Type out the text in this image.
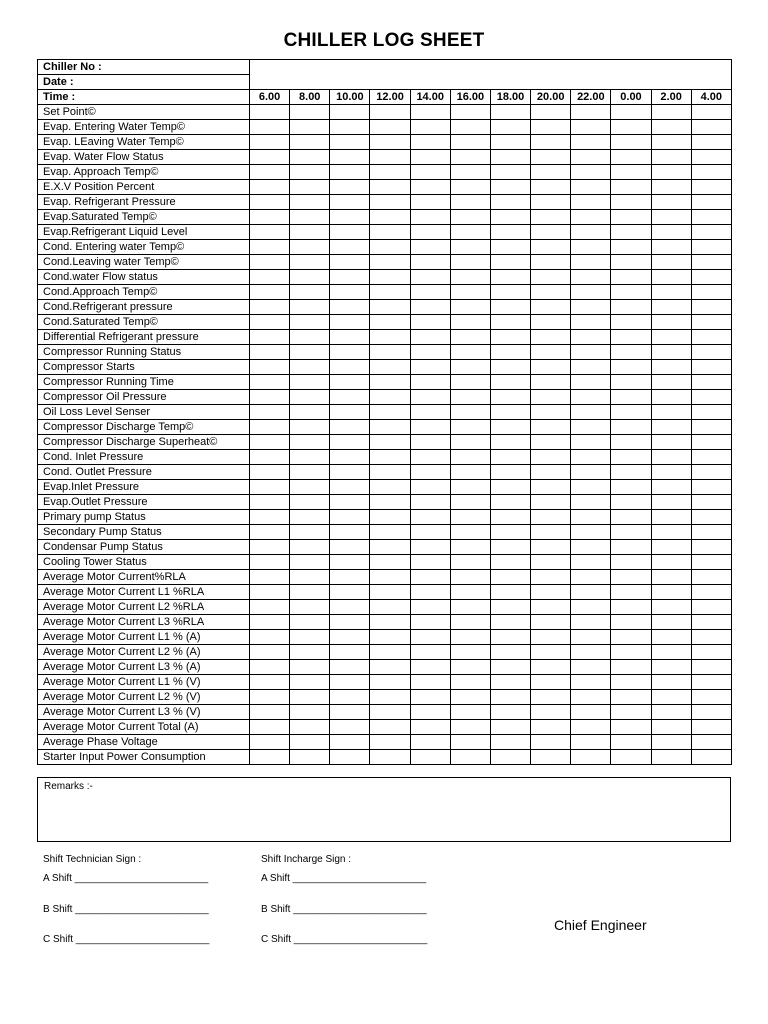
CHILLER LOG SHEET
Chiller No :												
Date :												
Time :	6.00	8.00	10.00	12.00	14.00	16.00	18.00	20.00	22.00	0.00	2.00	4.00
Set Point©												
Evap. Entering Water Temp©												
Evap. LEaving Water Temp©												
Evap. Water Flow Status												
Evap. Approach Temp©												
E.X.V Position Percent												
Evap. Refrigerant Pressure												
Evap.Saturated Temp©												
Evap.Refrigerant Liquid Level												
Cond. Entering water Temp©												
Cond.Leaving water Temp©												
Cond.water Flow status												
Cond.Approach Temp©												
Cond.Refrigerant pressure												
Cond.Saturated Temp©												
Differential Refrigerant pressure												
Compressor Running Status												
Compressor Starts												
Compressor Running Time												
Compressor Oil Pressure												
Oil Loss Level Senser												
Compressor Discharge Temp©												
Compressor Discharge Superheat©												
Cond. Inlet Pressure												
Cond. Outlet Pressure												
Evap.Inlet Pressure												
Evap.Outlet Pressure												
Primary pump Status												
Secondary Pump Status												
Condensar Pump Status												
Cooling Tower Status												
Average Motor Current%RLA												
Average Motor Current L1 %RLA												
Average Motor Current L2 %RLA												
Average Motor Current L3 %RLA												
Average Motor Current L1 % (A)												
Average Motor Current L2 % (A)												
Average Motor Current L3 % (A)												
Average Motor Current L1 % (V)												
Average Motor Current L2 % (V)												
Average Motor Current L3 % (V)												
Average Motor Current Total (A)												
Average Phase Voltage												
Starter Input Power Consumption												
Remarks :-
Shift Technician Sign :	Shift Incharge Sign :
A Shift ________________________
B Shift ________________________
C Shift ________________________
A Shift ________________________
B Shift ________________________
C Shift ________________________
Chief Engineer
